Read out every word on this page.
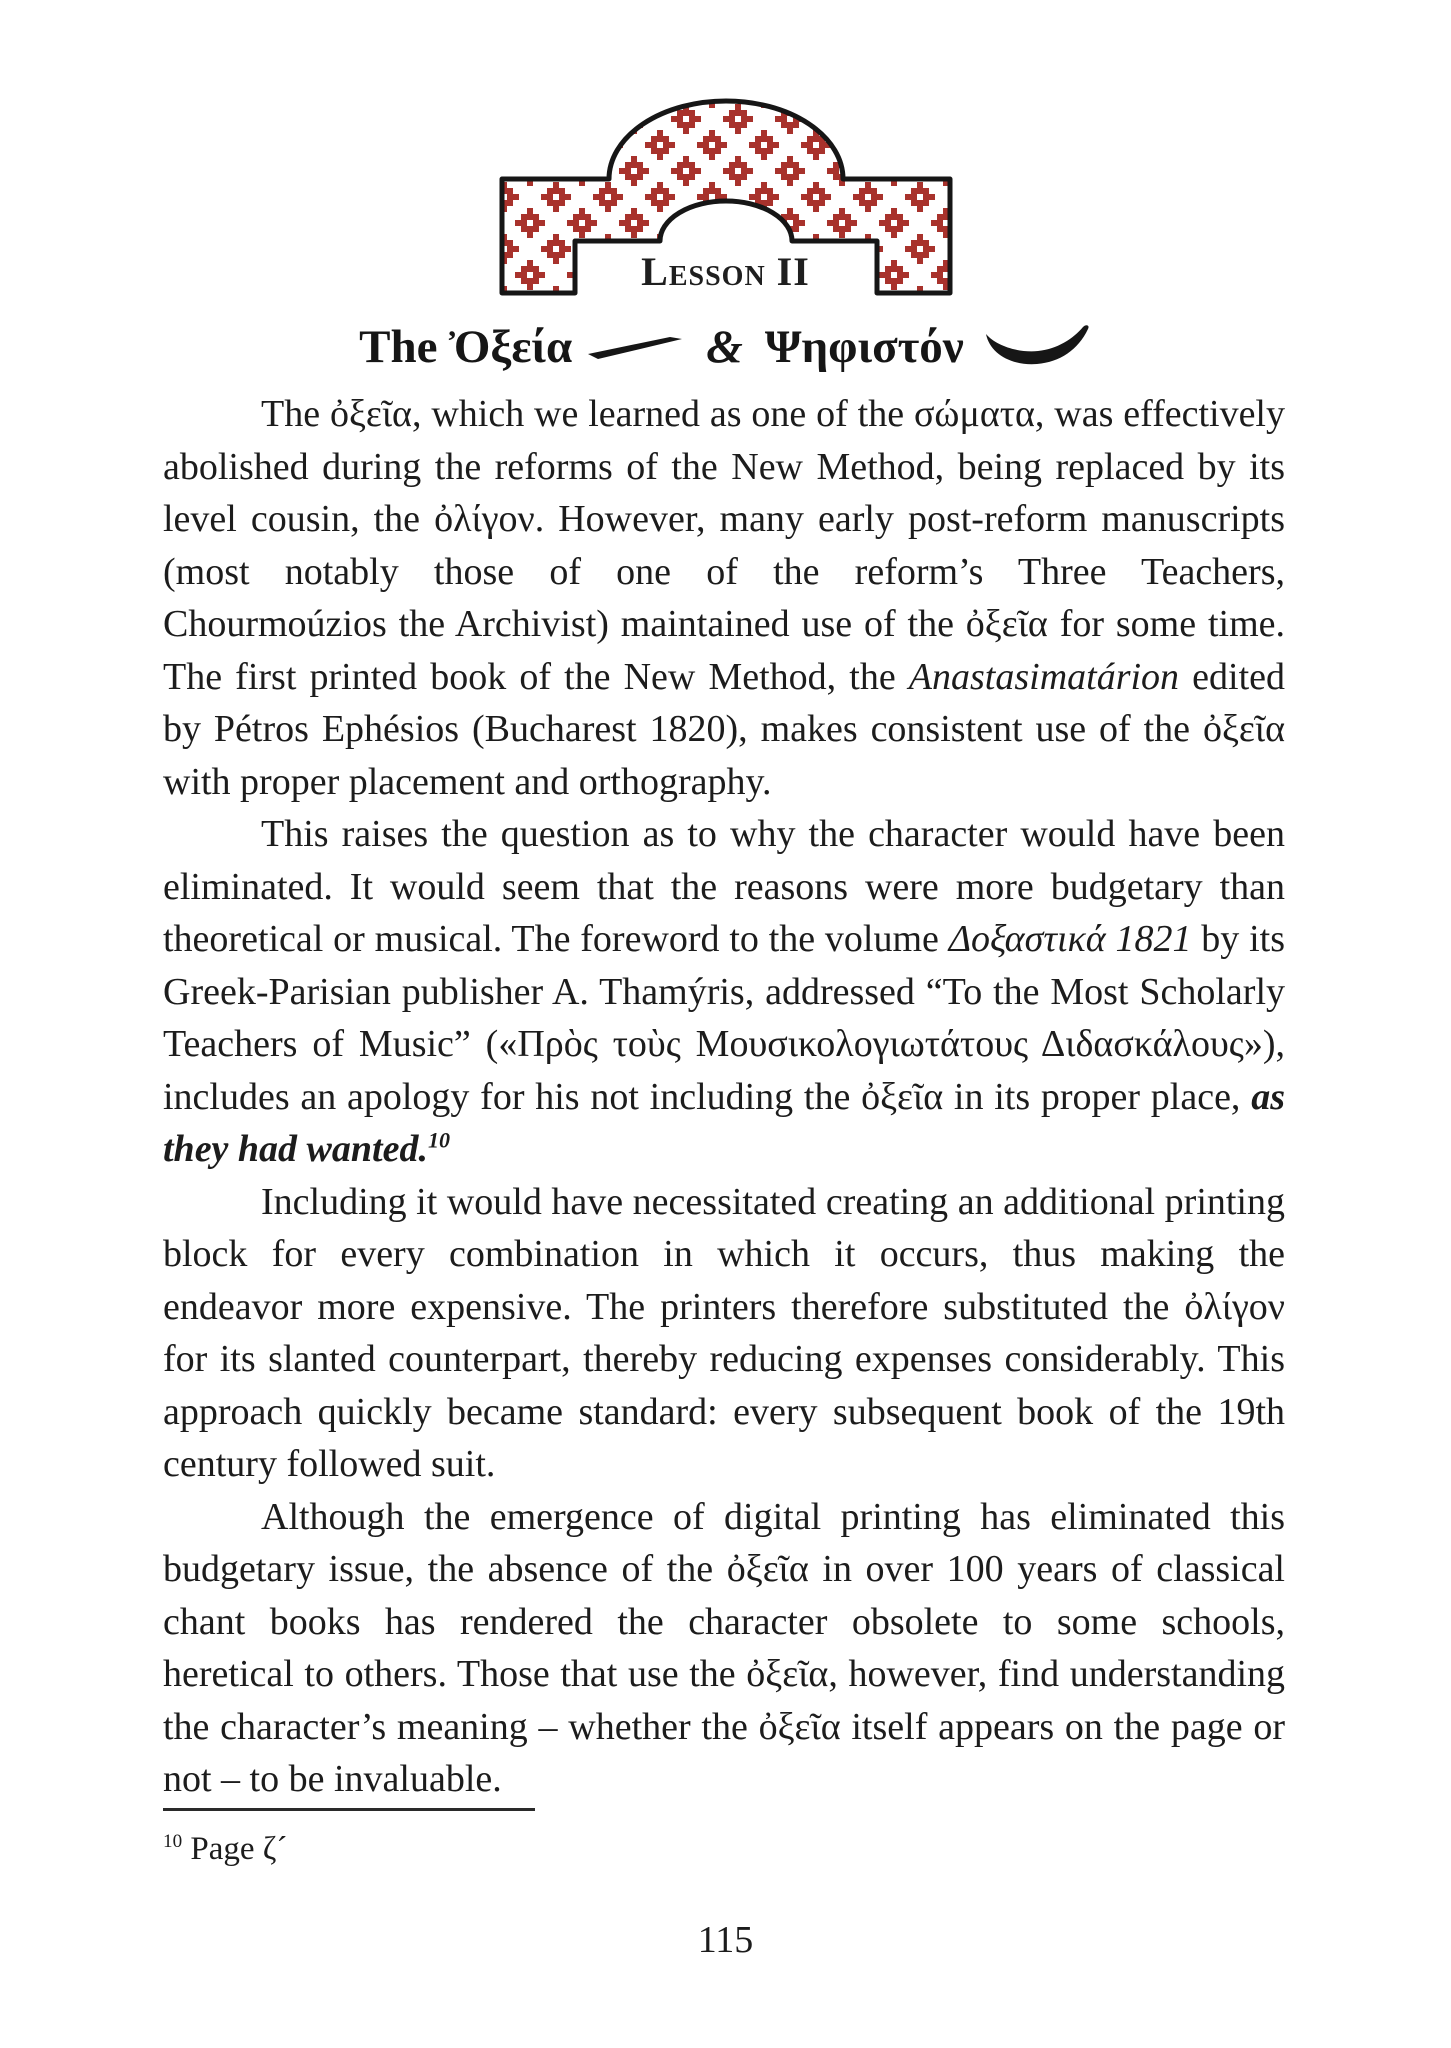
Lesson II
The Ὀξεία	& Ψηφιστόν

The ὀξεῖα, which we learned as one of the σώματα, was effectively abolished during the reforms of the New Method, being replaced by its level cousin, the ὀλίγον. However, many early post-reform manuscripts (most notably those of one of the reform’s Three Teachers, Chourmoúzios the Archivist) maintained use of the ὀξεῖα for some time. The first printed book of the New Method, the Anastasimatárion edited by Pétros Ephésios (Bucharest 1820), makes consistent use of the ὀξεῖα with proper placement and orthography.

This raises the question as to why the character would have been eliminated. It would seem that the reasons were more budgetary than theoretical or musical. The foreword to the volume Δοξαστικά 1821 by its Greek-Parisian publisher A. Thamýris, addressed “To the Most Scholarly Teachers of Music” («Πρὸς τοὺς Μουσικολογιωτάτους Διδασκάλους»), includes an apology for his not including the ὀξεῖα in its proper place, as they had wanted.$^{10}$

Including it would have necessitated creating an additional printing block for every combination in which it occurs, thus making the endeavor more expensive. The printers therefore substituted the ὀλίγον for its slanted counterpart, thereby reducing expenses considerably. This approach quickly became standard: every subsequent book of the 19th century followed suit.

Although the emergence of digital printing has eliminated this budgetary issue, the absence of the ὀξεῖα in over 100 years of classical chant books has rendered the character obsolete to some schools, heretical to others. Those that use the ὀξεῖα, however, find understanding the character’s meaning – whether the ὀξεῖα itself appears on the page or not – to be invaluable.

$^{10}$ Page ζ´
115
